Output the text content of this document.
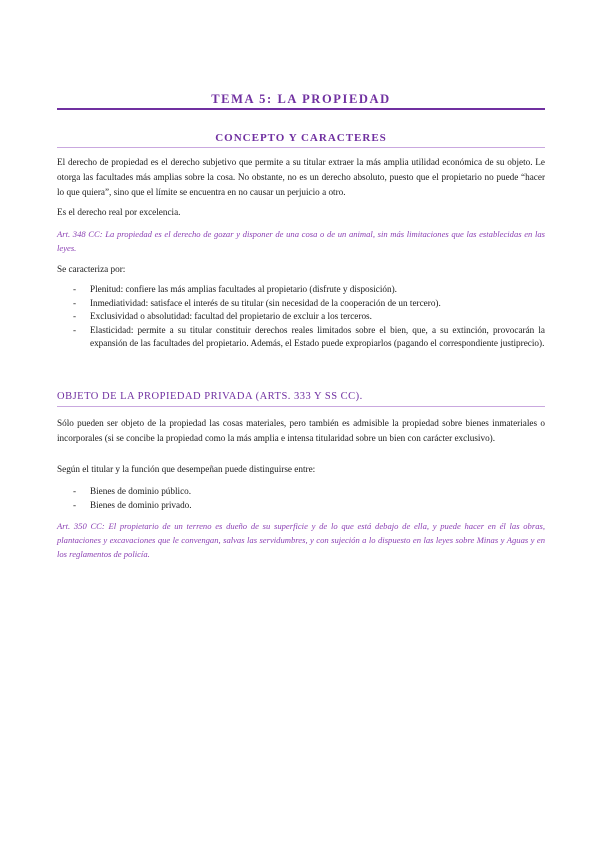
TEMA 5: LA PROPIEDAD
CONCEPTO Y CARACTERES

El derecho de propiedad es el derecho subjetivo que permite a su titular extraer la más amplia utilidad económica de su objeto. Le otorga las facultades más amplias sobre la cosa. No obstante, no es un derecho absoluto, puesto que el propietario no puede “hacer lo que quiera”, sino que el límite se encuentra en no causar un perjuicio a otro.

Es el derecho real por excelencia.

Art. 348 CC: La propiedad es el derecho de gozar y disponer de una cosa o de un animal, sin más limitaciones que las establecidas en las leyes.

Se caracteriza por:

- Plenitud: confiere las más amplias facultades al propietario (disfrute y disposición).
- Inmediatividad: satisface el interés de su titular (sin necesidad de la cooperación de un tercero).
- Exclusividad o absolutidad: facultad del propietario de excluir a los terceros.
- Elasticidad: permite a su titular constituir derechos reales limitados sobre el bien, que, a su extinción, provocarán la expansión de las facultades del propietario. Además, el Estado puede expropiarlos (pagando el correspondiente justiprecio).
OBJETO DE LA PROPIEDAD PRIVADA (ARTS. 333 Y SS CC).

Sólo pueden ser objeto de la propiedad las cosas materiales, pero también es admisible la propiedad sobre bienes inmateriales o incorporales (si se concibe la propiedad como la más amplia e intensa titularidad sobre un bien con carácter exclusivo).

Según el titular y la función que desempeñan puede distinguirse entre:

- Bienes de dominio público.
- Bienes de dominio privado.

Art. 350 CC: El propietario de un terreno es dueño de su superficie y de lo que está debajo de ella, y puede hacer en él las obras, plantaciones y excavaciones que le convengan, salvas las servidumbres, y con sujeción a lo dispuesto en las leyes sobre Minas y Aguas y en los reglamentos de policía.
